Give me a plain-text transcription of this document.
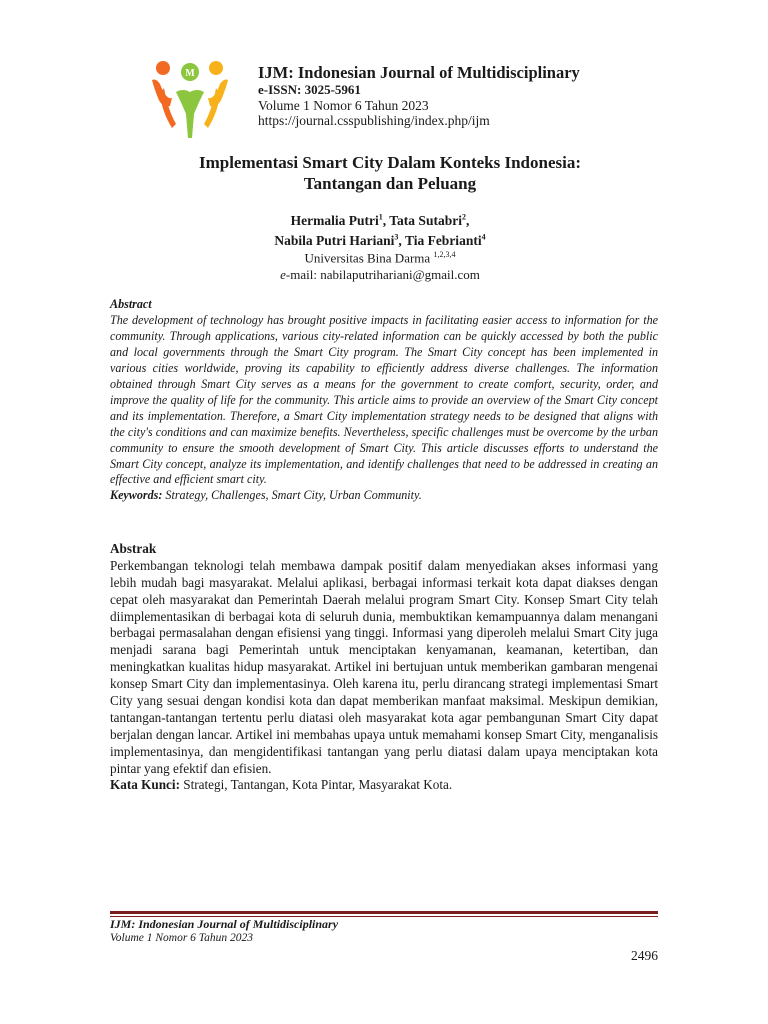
M	IJM: Indonesian Journal of Multidisciplinary
e-ISSN: 3025-5961
Volume 1 Nomor 6 Tahun 2023
https://journal.csspublishing/index.php/ijm
Implementasi Smart City Dalam Konteks Indonesia:
Tantangan dan Peluang
Hermalia Putri$^1$, Tata Sutabri$^2$,
Nabila Putri Hariani$^3$, Tia Febrianti$^4$
Universitas Bina Darma $^{1,2,3,4}$
e-mail: nabilaputrihariani@gmail.com
Abstract
The development of technology has brought positive impacts in facilitating easier access to information for the community. Through applications, various city-related information can be quickly accessed by both the public and local governments through the Smart City program. The Smart City concept has been implemented in various cities worldwide, proving its capability to efficiently address diverse challenges. The information obtained through Smart City serves as a means for the government to create comfort, security, order, and improve the quality of life for the community. This article aims to provide an overview of the Smart City concept and its implementation. Therefore, a Smart City implementation strategy needs to be designed that aligns with the city's conditions and can maximize benefits. Nevertheless, specific challenges must be overcome by the urban community to ensure the smooth development of Smart City. This article discusses efforts to understand the Smart City concept, analyze its implementation, and identify challenges that need to be addressed in creating an effective and efficient smart city.
Keywords: Strategy, Challenges, Smart City, Urban Community.
Abstrak
Perkembangan teknologi telah membawa dampak positif dalam menyediakan akses informasi yang lebih mudah bagi masyarakat. Melalui aplikasi, berbagai informasi terkait kota dapat diakses dengan cepat oleh masyarakat dan Pemerintah Daerah melalui program Smart City. Konsep Smart City telah diimplementasikan di berbagai kota di seluruh dunia, membuktikan kemampuannya dalam menangani berbagai permasalahan dengan efisiensi yang tinggi. Informasi yang diperoleh melalui Smart City juga menjadi sarana bagi Pemerintah untuk menciptakan kenyamanan, keamanan, ketertiban, dan meningkatkan kualitas hidup masyarakat. Artikel ini bertujuan untuk memberikan gambaran mengenai konsep Smart City dan implementasinya. Oleh karena itu, perlu dirancang strategi implementasi Smart City yang sesuai dengan kondisi kota dan dapat memberikan manfaat maksimal. Meskipun demikian, tantangan-tantangan tertentu perlu diatasi oleh masyarakat kota agar pembangunan Smart City dapat berjalan dengan lancar. Artikel ini membahas upaya untuk memahami konsep Smart City, menganalisis implementasinya, dan mengidentifikasi tantangan yang perlu diatasi dalam upaya menciptakan kota pintar yang efektif dan efisien.
Kata Kunci: Strategi, Tantangan, Kota Pintar, Masyarakat Kota.
IJM: Indonesian Journal of Multidisciplinary
Volume 1 Nomor 6 Tahun 2023
2496
